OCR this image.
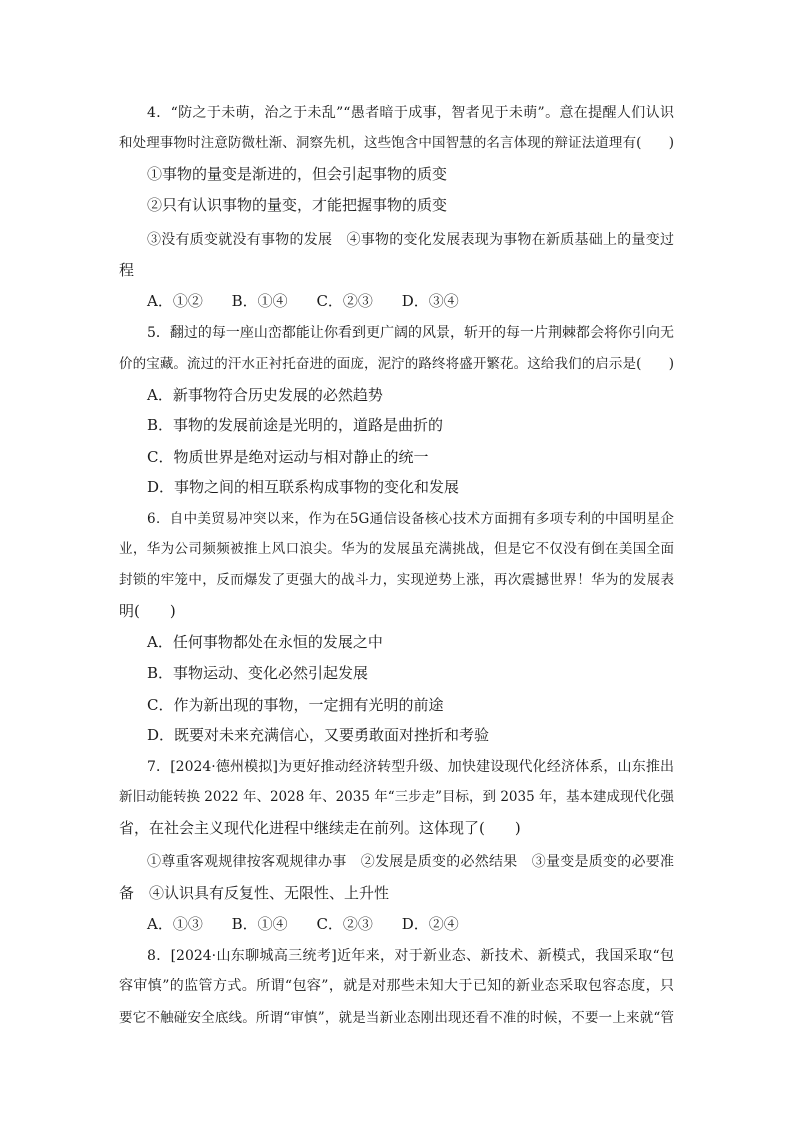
4．“防之于未萌，治之于未乱”“愚者暗于成事，智者见于未萌”。意在提醒人们认识
和处理事物时注意防微杜渐、洞察先机，这些饱含中国智慧的名言体现的辩证法道理有(　　)
①事物的量变是渐进的，但会引起事物的质变
②只有认识事物的量变，才能把握事物的质变
③没有质变就没有事物的发展　④事物的变化发展表现为事物在新质基础上的量变过
程
A．①② B．①④ C．②③ D．③④
5．翻过的每一座山峦都能让你看到更广阔的风景，斩开的每一片荆棘都会将你引向无
价的宝藏。流过的汗水正衬托奋进的面庞，泥泞的路终将盛开繁花。这给我们的启示是(　　)
A．新事物符合历史发展的必然趋势
B．事物的发展前途是光明的，道路是曲折的
C．物质世界是绝对运动与相对静止的统一
D．事物之间的相互联系构成事物的变化和发展
6．自中美贸易冲突以来，作为在5G通信设备核心技术方面拥有多项专利的中国明星企
业，华为公司频频被推上风口浪尖。华为的发展虽充满挑战，但是它不仅没有倒在美国全面
封锁的牢笼中，反而爆发了更强大的战斗力，实现逆势上涨，再次震撼世界！华为的发展表
明(　　)
A．任何事物都处在永恒的发展之中
B．事物运动、变化必然引起发展
C．作为新出现的事物，一定拥有光明的前途
D．既要对未来充满信心，又要勇敢面对挫折和考验
7．[2024·德州模拟]为更好推动经济转型升级、加快建设现代化经济体系，山东推出
新旧动能转换 2022 年、2028 年、2035 年“三步走”目标，到 2035 年，基本建成现代化强
省，在社会主义现代化进程中继续走在前列。这体现了(　　)
①尊重客观规律按客观规律办事　②发展是质变的必然结果　③量变是质变的必要准
备　④认识具有反复性、无限性、上升性
A．①③ B．①④ C．②③ D．②④
8．[2024·山东聊城高三统考]近年来，对于新业态、新技术、新模式，我国采取“包
容审慎”的监管方式。所谓“包容”，就是对那些未知大于已知的新业态采取包容态度，只
要它不触碰安全底线。所谓“审慎”，就是当新业态刚出现还看不准的时候，不要一上来就“管
